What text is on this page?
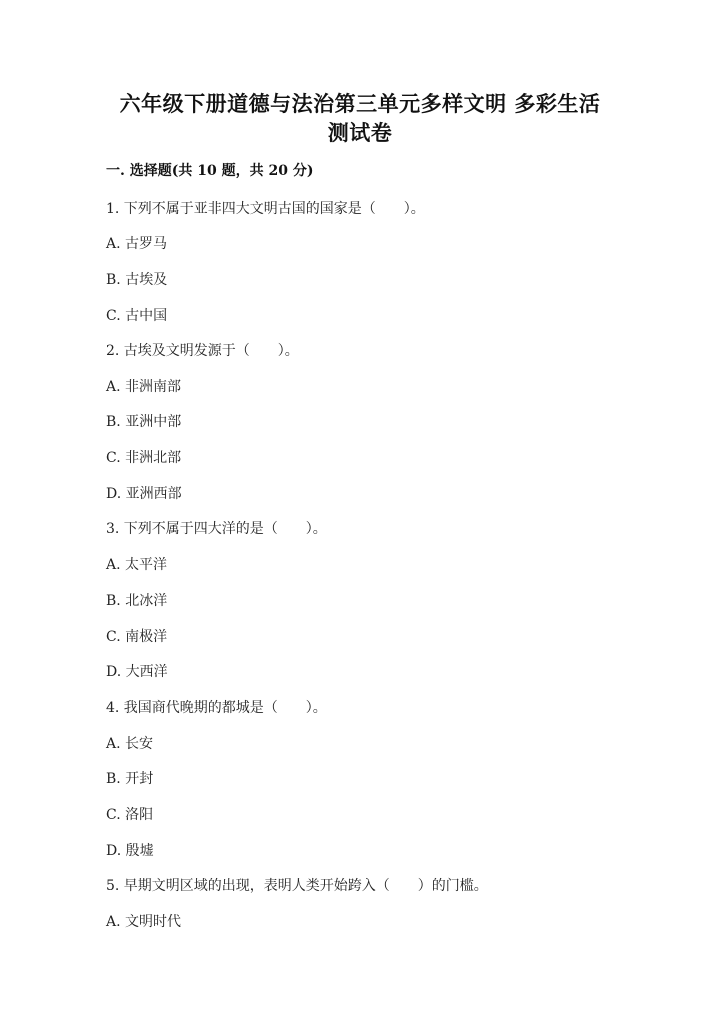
六年级下册道德与法治第三单元多样文明 多彩生活
测试卷
一. 选择题(共 10 题，共 20 分)
1. 下列不属于亚非四大文明古国的国家是（　　）。
A. 古罗马
B. 古埃及
C. 古中国
2. 古埃及文明发源于（　　）。
A. 非洲南部
B. 亚洲中部
C. 非洲北部
D. 亚洲西部
3. 下列不属于四大洋的是（　　）。
A. 太平洋
B. 北冰洋
C. 南极洋
D. 大西洋
4. 我国商代晚期的都城是（　　）。
A. 长安
B. 开封
C. 洛阳
D. 殷墟
5. 早期文明区域的出现，表明人类开始跨入（　　）的门槛。
A. 文明时代
